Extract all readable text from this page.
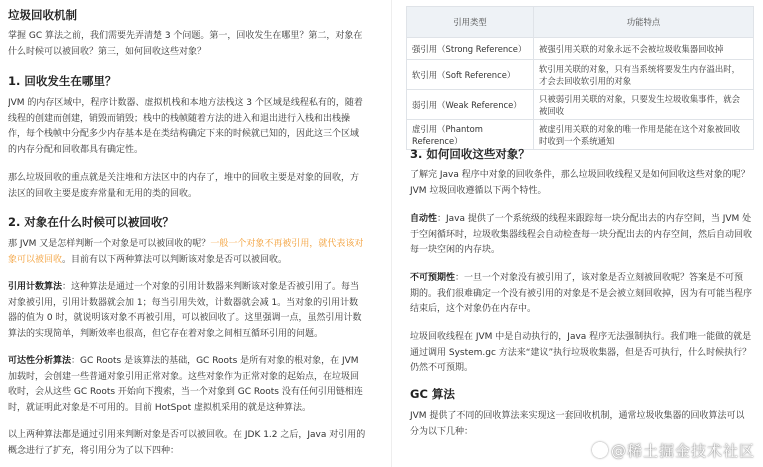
垃圾回收机制

掌握 GC 算法之前，我们需要先弄清楚 3 个问题。第一，回收发生在哪里？第二，对象在什么时候可以被回收？第三，如何回收这些对象？

1. 回收发生在哪里？

JVM 的内存区域中，程序计数器、虚拟机栈和本地方法栈这 3 个区域是线程私有的，随着线程的创建而创建，销毁而销毁；栈中的栈帧随着方法的进入和退出进行入栈和出栈操作，每个栈帧中分配多少内存基本是在类结构确定下来的时候就已知的，因此这三个区域的内存分配和回收都具有确定性。

那么垃圾回收的重点就是关注堆和方法区中的内存了，堆中的回收主要是对象的回收，方法区的回收主要是废弃常量和无用的类的回收。

2. 对象在什么时候可以被回收？

那 JVM 又是怎样判断一个对象是可以被回收的呢？一般一个对象不再被引用，就代表该对象可以被回收。目前有以下两种算法可以判断该对象是否可以被回收。

引用计数算法：这种算法是通过一个对象的引用计数器来判断该对象是否被引用了。每当对象被引用，引用计数器就会加 1；每当引用失效，计数器就会减 1。当对象的引用计数器的值为 0 时，就说明该对象不再被引用，可以被回收了。这里强调一点，虽然引用计数算法的实现简单，判断效率也很高，但它存在着对象之间相互循环引用的问题。

可达性分析算法：GC Roots 是该算法的基础，GC Roots 是所有对象的根对象，在 JVM 加载时，会创建一些普通对象引用正常对象。这些对象作为正常对象的起始点，在垃圾回收时，会从这些 GC Roots 开始向下搜索，当一个对象到 GC Roots 没有任何引用链相连时，就证明此对象是不可用的。目前 HotSpot 虚拟机采用的就是这种算法。

以上两种算法都是通过引用来判断对象是否可以被回收。在 JDK 1.2 之后，Java 对引用的概念进行了扩充，将引用分为了以下四种：

引用类型	功能特点
强引用（Strong Reference）	被强引用关联的对象永远不会被垃圾收集器回收掉
软引用（Soft Reference）	软引用关联的对象，只有当系统将要发生内存溢出时，才会去回收软引用的对象
弱引用（Weak Reference）	只被弱引用关联的对象，只要发生垃圾收集事件，就会被回收
虚引用（Phantom Reference）	被虚引用关联的对象的唯一作用是能在这个对象被回收时收到一个系统通知
3. 如何回收这些对象？

了解完 Java 程序中对象的回收条件，那么垃圾回收线程又是如何回收这些对象的呢？JVM 垃圾回收遵循以下两个特性。

自动性：Java 提供了一个系统级的线程来跟踪每一块分配出去的内存空间，当 JVM 处于空闲循环时，垃圾收集器线程会自动检查每一块分配出去的内存空间，然后自动回收每一块空闲的内存块。

不可预期性：一旦一个对象没有被引用了，该对象是否立刻被回收呢？答案是不可预期的。我们很难确定一个没有被引用的对象是不是会被立刻回收掉，因为有可能当程序结束后，这个对象仍在内存中。

垃圾回收线程在 JVM 中是自动执行的，Java 程序无法强制执行。我们唯一能做的就是通过调用 System.gc 方法来“建议”执行垃圾收集器，但是否可执行，什么时候执行？仍然不可预期。

GC 算法

JVM 提供了不同的回收算法来实现这一套回收机制，通常垃圾收集器的回收算法可以分为以下几种：

@稀土掘金技术社区
